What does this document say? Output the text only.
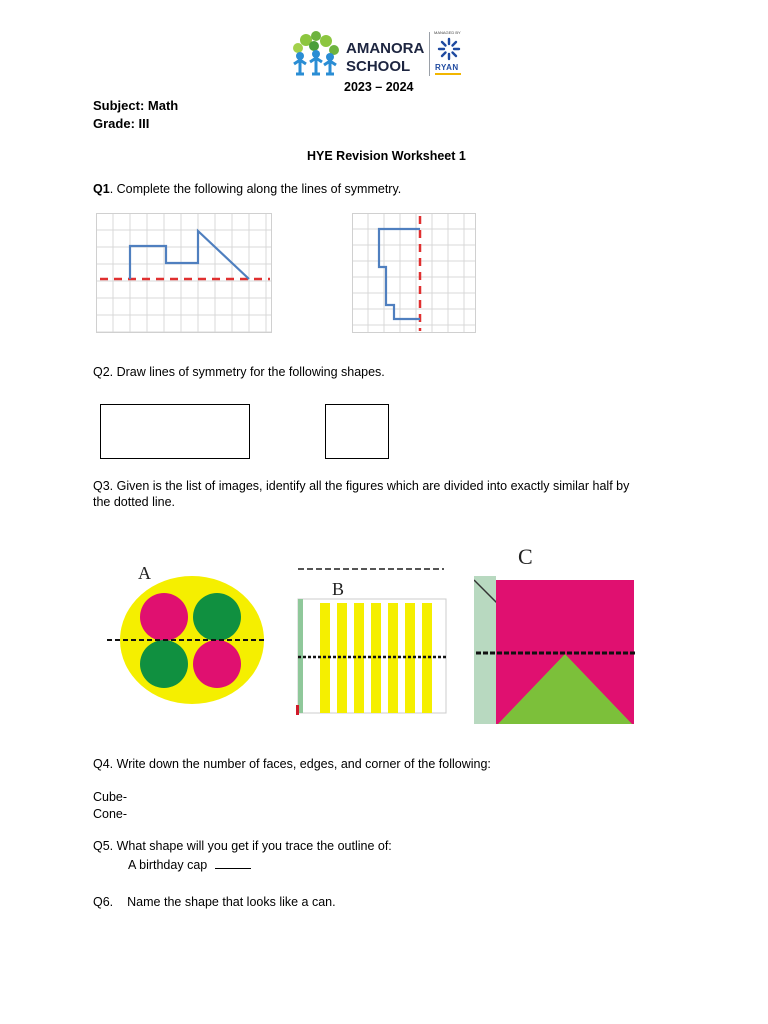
AMANORA
SCHOOL
MANAGED BY
RYAN
2023 – 2024
Subject: Math
Grade: III
HYE Revision Worksheet 1
Q1. Complete the following along the lines of symmetry.
Q2. Draw lines of symmetry for the following shapes.
Q3. Given is the list of images, identify all the figures which are divided into exactly similar half by
the dotted line.
A
B
C
Q4. Write down the number of faces, edges, and corner of the following:
Cube-
Cone-
Q5. What shape will you get if you trace the outline of:
A birthday cap
Q6. Name the shape that looks like a can.
